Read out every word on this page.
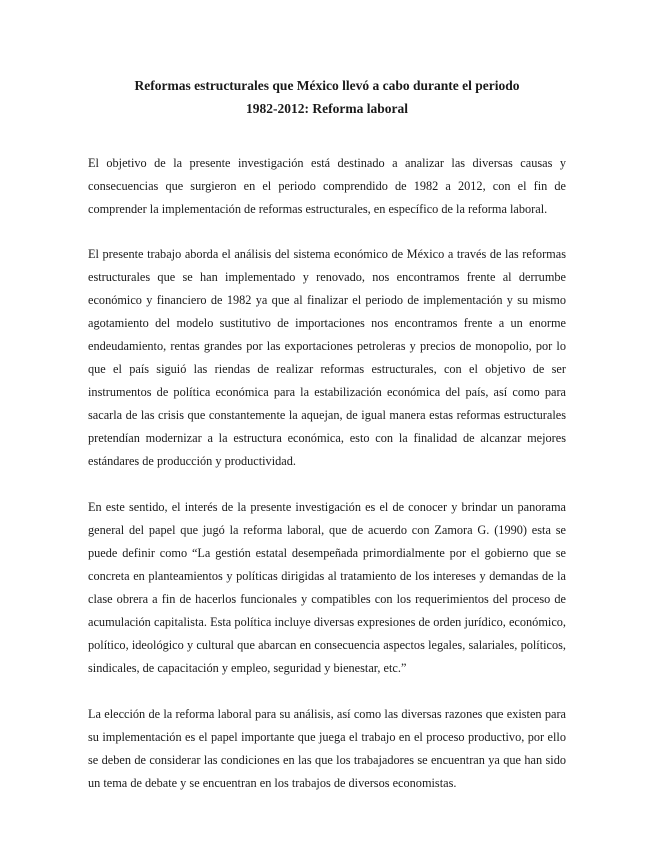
Reformas estructurales que México llevó a cabo durante el periodo
1982-2012: Reforma laboral

El objetivo de la presente investigación está destinado a analizar las diversas causas y consecuencias que surgieron en el periodo comprendido de 1982 a 2012, con el fin de comprender la implementación de reformas estructurales, en específico de la reforma laboral.

El presente trabajo aborda el análisis del sistema económico de México a través de las reformas estructurales que se han implementado y renovado, nos encontramos frente al derrumbe económico y financiero de 1982 ya que al finalizar el periodo de implementación y su mismo agotamiento del modelo sustitutivo de importaciones nos encontramos frente a un enorme endeudamiento, rentas grandes por las exportaciones petroleras y precios de monopolio, por lo que el país siguió las riendas de realizar reformas estructurales, con el objetivo de ser instrumentos de política económica para la estabilización económica del país, así como para sacarla de las crisis que constantemente la aquejan, de igual manera estas reformas estructurales pretendían modernizar a la estructura económica, esto con la finalidad de alcanzar mejores estándares de producción y productividad.

En este sentido, el interés de la presente investigación es el de conocer y brindar un panorama general del papel que jugó la reforma laboral, que de acuerdo con Zamora G. (1990) esta se puede definir como “La gestión estatal desempeñada primordialmente por el gobierno que se concreta en planteamientos y políticas dirigidas al tratamiento de los intereses y demandas de la clase obrera a fin de hacerlos funcionales y compatibles con los requerimientos del proceso de acumulación capitalista. Esta política incluye diversas expresiones de orden jurídico, económico, político, ideológico y cultural que abarcan en consecuencia aspectos legales, salariales, políticos, sindicales, de capacitación y empleo, seguridad y bienestar, etc.”

La elección de la reforma laboral para su análisis, así como las diversas razones que existen para su implementación es el papel importante que juega el trabajo en el proceso productivo, por ello se deben de considerar las condiciones en las que los trabajadores se encuentran ya que han sido un tema de debate y se encuentran en los trabajos de diversos economistas.
